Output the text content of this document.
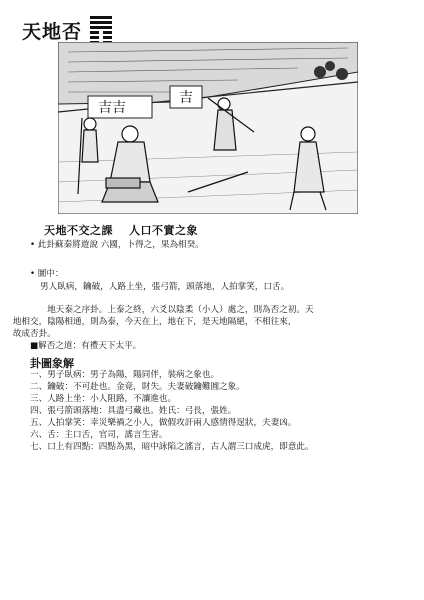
天地否
吉吉
吉
天地不交之課 人口不實之象
• 此卦蘇秦將遊說 六國，卜得之，果為相癸。
• 圖中：
男人臥病，鑰破，人路上坐，張弓箭，頭落地，人拍掌笑，口舌。
地天泰之序卦。上泰之終，六爻以陰柔（小人）處之，則為否之初。天
地相交，陰陽相通，則為泰，今天在上，地在下，是天地隔絕，不相往來，
故成否卦。
■解否之道：有禮天下太平。
卦圖象解
一、男子臥病：男子為陽，陽同伴，裝病之象也。
二、鑰破：不可赴也。金竟，財失。夫妻破鑰難圓之象。
三、人路上坐：小人阻路，不讓進也。
四、張弓箭頭落地：具盡弓藏也。姓氏：弓長，張姓。
五、人拍掌笑：幸災樂禍之小人，做假攻訐兩人感情得逞狀，夫妻凶。
六、舌：主口舌，官司，謠言生害。
七、口上有四點：四點為黑，暗中詠陷之謠言，古人謂三口成虎，即意此。
